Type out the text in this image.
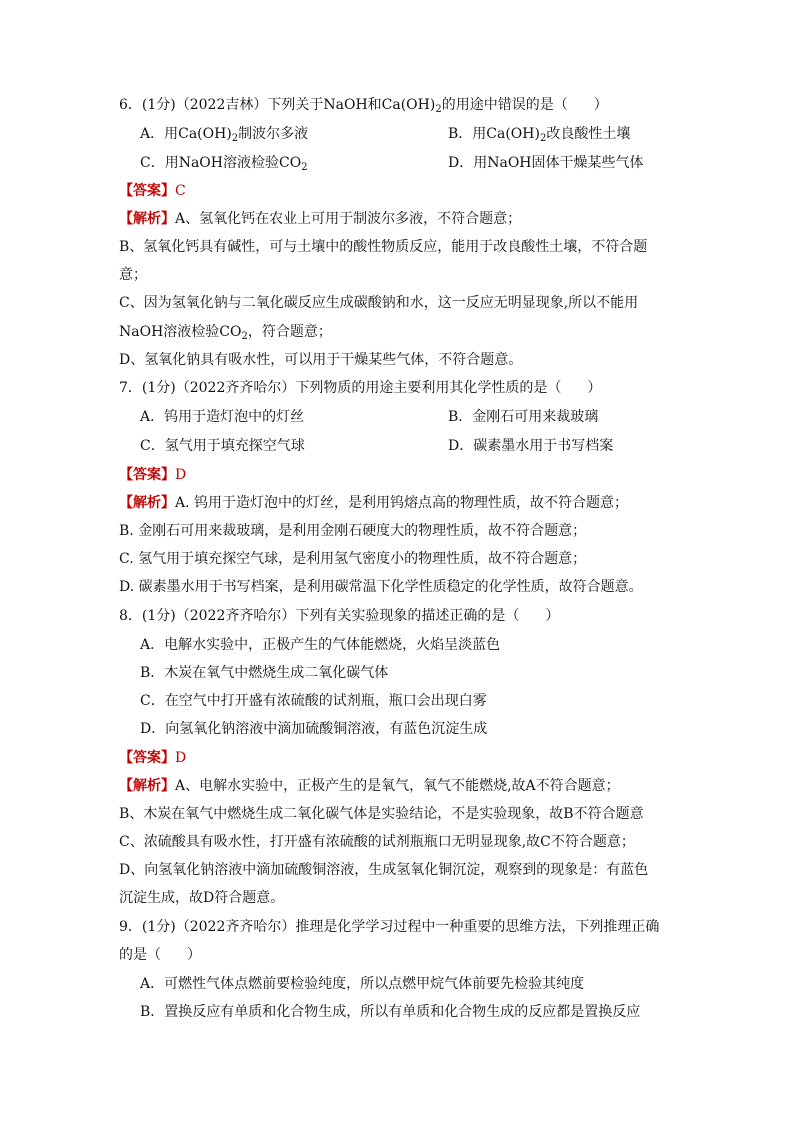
6．(1分)（2022吉林）下列关于NaOH和$Ca(OH)_2$的用途中错误的是（ ）
A．用$Ca(OH)_2$制波尔多液	B．用$Ca(OH)_2$改良酸性土壤
C．用NaOH溶液检验$CO_2$	D．用NaOH固体干燥某些气体
【答案】C
【解析】A、氢氧化钙在农业上可用于制波尔多液，不符合题意；
B、氢氧化钙具有碱性，可与土壤中的酸性物质反应，能用于改良酸性土壤，不符合题
意；
C、因为氢氧化钠与二氧化碳反应生成碳酸钠和水，这一反应无明显现象,所以不能用
NaOH溶液检验$CO_2$，符合题意；
D、氢氧化钠具有吸水性，可以用于干燥某些气体，不符合题意。
7．(1分)（2022齐齐哈尔）下列物质的用途主要利用其化学性质的是（ ）
A．钨用于造灯泡中的灯丝	B．金刚石可用来裁玻璃
C．氢气用于填充探空气球	D．碳素墨水用于书写档案
【答案】D
【解析】A. 钨用于造灯泡中的灯丝，是利用钨熔点高的物理性质，故不符合题意；
B. 金刚石可用来裁玻璃，是利用金刚石硬度大的物理性质，故不符合题意；
C. 氢气用于填充探空气球，是利用氢气密度小的物理性质，故不符合题意；
D. 碳素墨水用于书写档案，是利用碳常温下化学性质稳定的化学性质，故符合题意。
8．(1分)（2022齐齐哈尔）下列有关实验现象的描述正确的是（ ）
A．电解水实验中，正极产生的气体能燃烧，火焰呈淡蓝色
B．木炭在氧气中燃烧生成二氧化碳气体
C．在空气中打开盛有浓硫酸的试剂瓶，瓶口会出现白雾
D．向氢氧化钠溶液中滴加硫酸铜溶液，有蓝色沉淀生成
【答案】D
【解析】A、电解水实验中，正极产生的是氧气，氧气不能燃烧,故A不符合题意；
B、木炭在氧气中燃烧生成二氧化碳气体是实验结论，不是实验现象，故B不符合题意
C、浓硫酸具有吸水性，打开盛有浓硫酸的试剂瓶瓶口无明显现象,故C不符合题意；
D、向氢氧化钠溶液中滴加硫酸铜溶液，生成氢氧化铜沉淀，观察到的现象是：有蓝色
沉淀生成，故D符合题意。
9．(1分)（2022齐齐哈尔）推理是化学学习过程中一种重要的思维方法，下列推理正确
的是（ ）
A．可燃性气体点燃前要检验纯度，所以点燃甲烷气体前要先检验其纯度
B．置换反应有单质和化合物生成，所以有单质和化合物生成的反应都是置换反应
